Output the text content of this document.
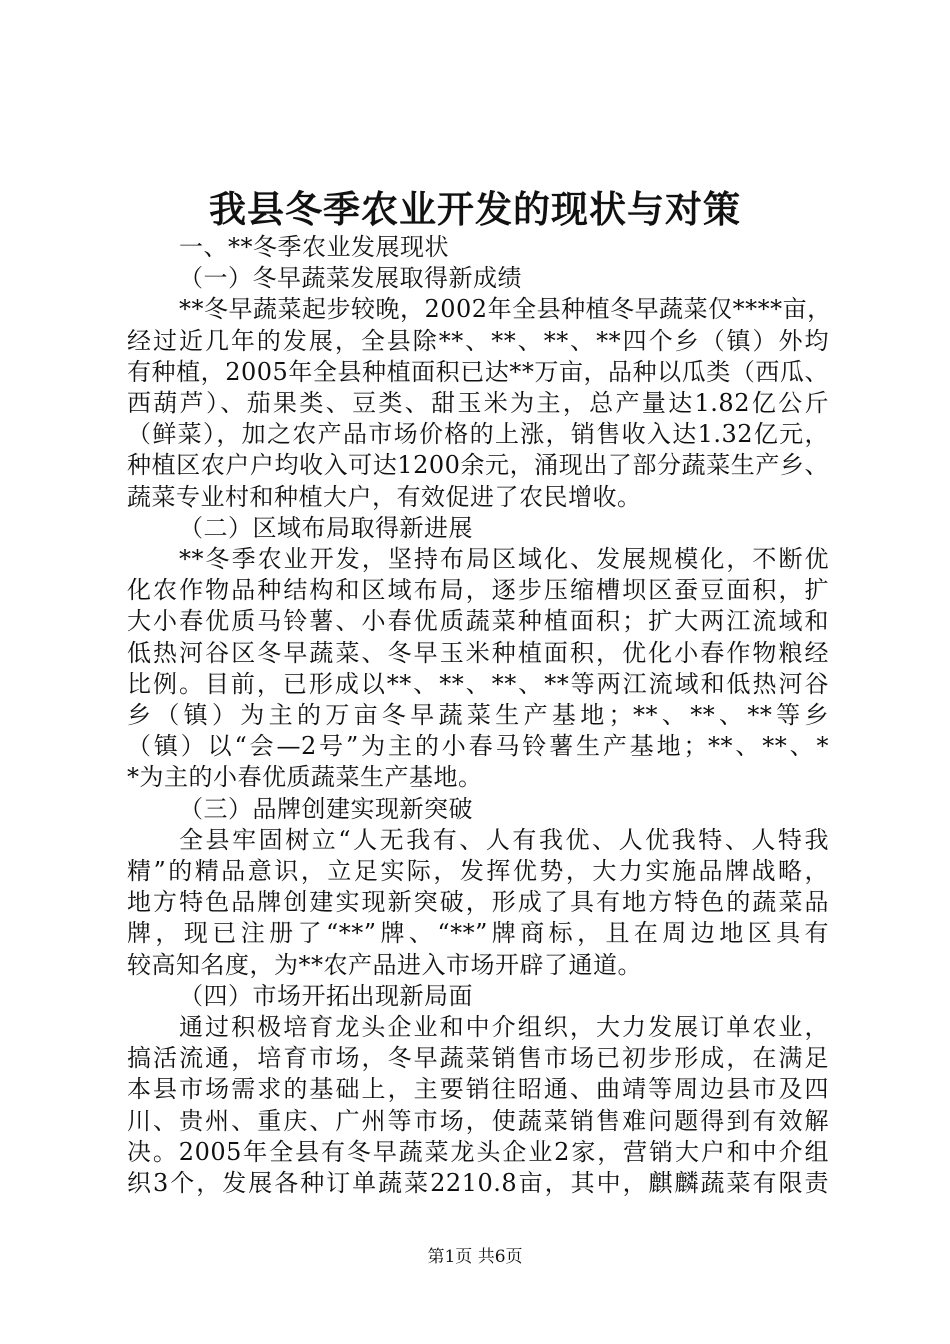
我县冬季农业开发的现状与对策
一、**冬季农业发展现状
（一）冬早蔬菜发展取得新成绩
**冬早蔬菜起步较晚，2002年全县种植冬早蔬菜仅****亩，
经过近几年的发展，全县除**、**、**、**四个乡（镇）外均
有种植，2005年全县种植面积已达**万亩，品种以瓜类（西瓜、
西葫芦）、茄果类、豆类、甜玉米为主，总产量达1.82亿公斤
（鲜菜），加之农产品市场价格的上涨，销售收入达1.32亿元，
种植区农户户均收入可达1200余元，涌现出了部分蔬菜生产乡、
蔬菜专业村和种植大户，有效促进了农民增收。
（二）区域布局取得新进展
**冬季农业开发，坚持布局区域化、发展规模化，不断优
化农作物品种结构和区域布局，逐步压缩槽坝区蚕豆面积，扩
大小春优质马铃薯、小春优质蔬菜种植面积；扩大两江流域和
低热河谷区冬早蔬菜、冬早玉米种植面积，优化小春作物粮经
比例。目前，已形成以**、**、**、**等两江流域和低热河谷
乡（镇）为主的万亩冬早蔬菜生产基地；**、**、**等乡
（镇）以“会—2号”为主的小春马铃薯生产基地；**、**、*
*为主的小春优质蔬菜生产基地。
（三）品牌创建实现新突破
全县牢固树立“人无我有、人有我优、人优我特、人特我
精”的精品意识，立足实际，发挥优势，大力实施品牌战略，
地方特色品牌创建实现新突破，形成了具有地方特色的蔬菜品
牌，现已注册了“**”牌、“**”牌商标，且在周边地区具有
较高知名度，为**农产品进入市场开辟了通道。
（四）市场开拓出现新局面
通过积极培育龙头企业和中介组织，大力发展订单农业，
搞活流通，培育市场，冬早蔬菜销售市场已初步形成，在满足
本县市场需求的基础上，主要销往昭通、曲靖等周边县市及四
川、贵州、重庆、广州等市场，使蔬菜销售难问题得到有效解
决。2005年全县有冬早蔬菜龙头企业2家，营销大户和中介组
织3个，发展各种订单蔬菜2210.8亩，其中，麒麟蔬菜有限责
第1页 共6页
